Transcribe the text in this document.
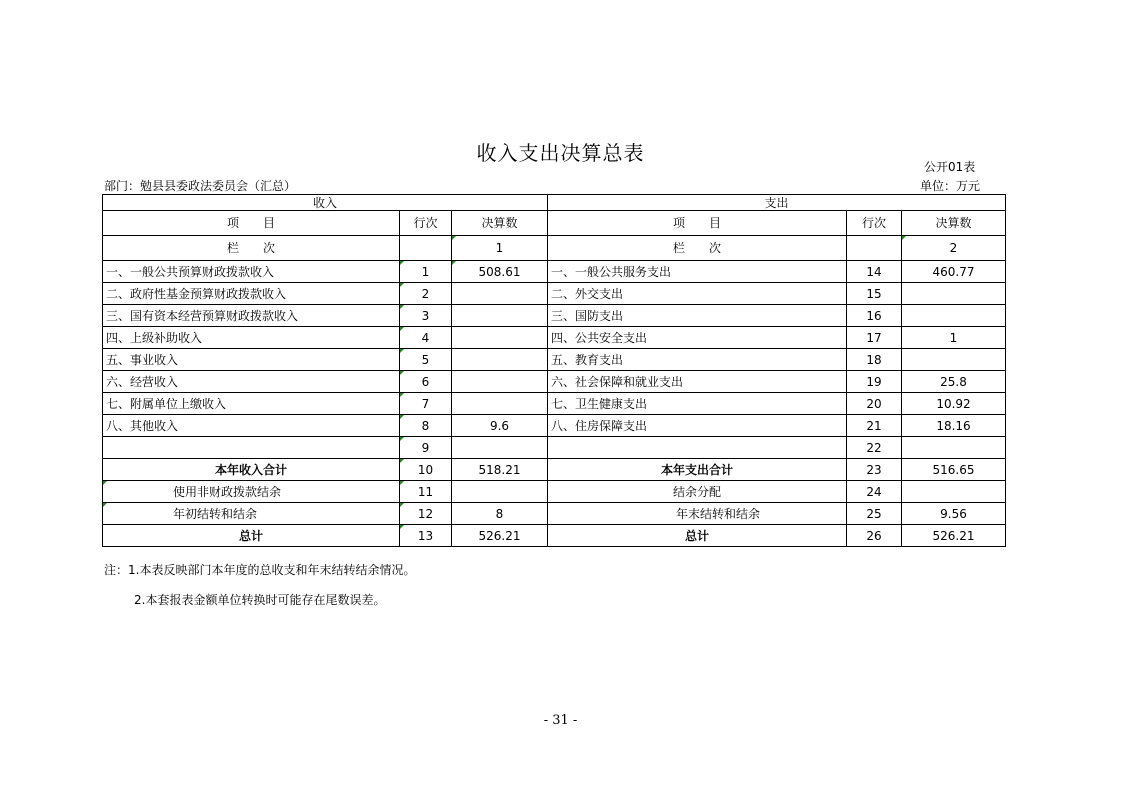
收入支出决算总表
公开01表
部门：勉县县委政法委员会（汇总）	单位：万元
收入			支出		
项　　目	行次	决算数	项　　目	行次	决算数
栏　　次		1	栏　　次		2
一、一般公共预算财政拨款收入	1	508.61	一、一般公共服务支出	14	460.77
二、政府性基金预算财政拨款收入	2		二、外交支出	15	
三、国有资本经营预算财政拨款收入	3		三、国防支出	16	
四、上级补助收入	4		四、公共安全支出	17	1
五、事业收入	5		五、教育支出	18	
六、经营收入	6		六、社会保障和就业支出	19	25.8
七、附属单位上缴收入	7		七、卫生健康支出	20	10.92
八、其他收入	8	9.6	八、住房保障支出	21	18.16
	9			22	
本年收入合计	10	518.21	本年支出合计	23	516.65
使用非财政拨款结余	11		结余分配	24	
年初结转和结余	12	8	年末结转和结余	25	9.56
总计	13	526.21	总计	26	526.21
注：1.本表反映部门本年度的总收支和年末结转结余情况。
2.本套报表金额单位转换时可能存在尾数误差。
- 31 -
